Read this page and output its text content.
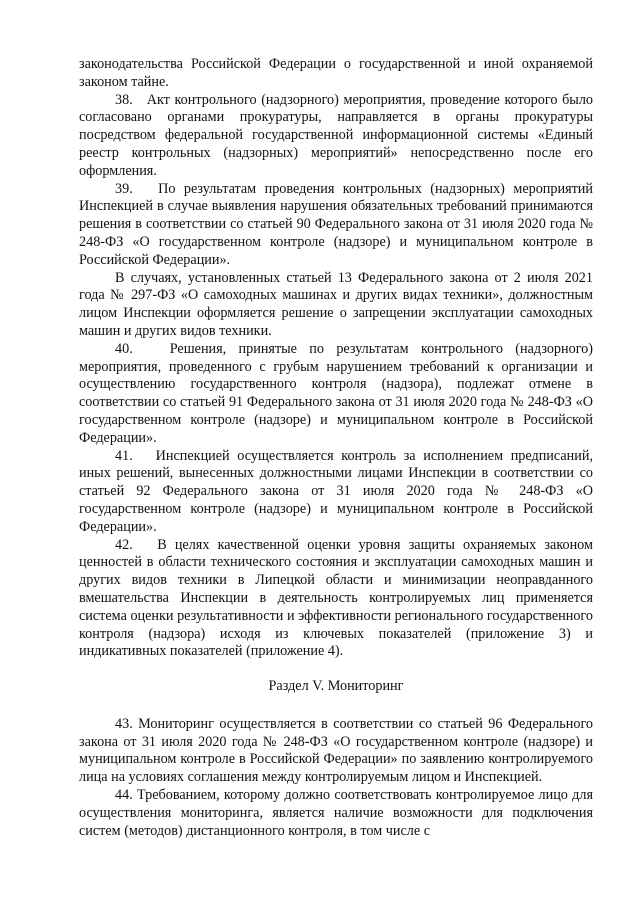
законодательства Российской Федерации о государственной и иной охраняемой законом тайне.

38.   Акт контрольного (надзорного) мероприятия, проведение которого было согласовано органами прокуратуры, направляется в органы прокуратуры посредством федеральной государственной информационной системы «Единый реестр контрольных (надзорных) мероприятий» непосредственно после его оформления.

39.   По результатам проведения контрольных (надзорных) мероприятий Инспекцией в случае выявления нарушения обязательных требований принимаются решения в соответствии со статьей 90 Федерального закона от 31 июля 2020 года № 248-ФЗ «О государственном контроле (надзоре) и муниципальном контроле в Российской Федерации».

В случаях, установленных статьей 13 Федерального закона от 2 июля 2021 года № 297-ФЗ «О самоходных машинах и других видах техники», должностным лицом Инспекции оформляется решение о запрещении эксплуатации самоходных машин и других видов техники.

40.   Решения, принятые по результатам контрольного (надзорного) мероприятия, проведенного с грубым нарушением требований к организации и осуществлению государственного контроля (надзора), подлежат отмене в соответствии со статьей 91 Федерального закона от 31 июля 2020 года № 248-ФЗ «О государственном контроле (надзоре) и муниципальном контроле в Российской Федерации».

41.   Инспекцией осуществляется контроль за исполнением предписаний, иных решений, вынесенных должностными лицами Инспекции в соответствии со статьей 92 Федерального закона от 31 июля 2020 года № 248-ФЗ «О государственном контроле (надзоре) и муниципальном контроле в Российской Федерации».

42.   В целях качественной оценки уровня защиты охраняемых законом ценностей в области технического состояния и эксплуатации самоходных машин и других видов техники в Липецкой области и минимизации неоправданного вмешательства Инспекции в деятельность контролируемых лиц применяется система оценки результативности и эффективности регионального государственного контроля (надзора) исходя из ключевых показателей (приложение 3) и индикативных показателей (приложение 4).

Раздел V. Мониторинг

43. Мониторинг осуществляется в соответствии со статьей 96 Федерального закона от 31 июля 2020 года № 248-ФЗ «О государственном контроле (надзоре) и муниципальном контроле в Российской Федерации» по заявлению контролируемого лица на условиях соглашения между контролируемым лицом и Инспекцией.

44. Требованием, которому должно соответствовать контролируемое лицо для осуществления мониторинга, является наличие возможности для подключения систем (методов) дистанционного контроля, в том числе с
